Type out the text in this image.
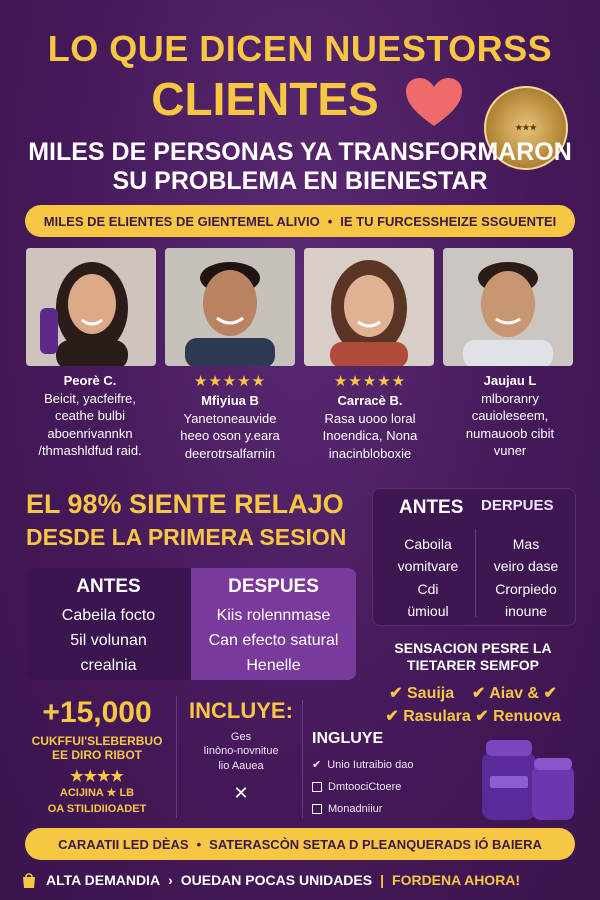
LO QUE DICEN NUESTORSS
CLIENTES
★★★
MILES DE PERSONAS YA TRANSFORMARON
SU PROBLEMA EN BIENESTAR
MILES DE ELIENTES DE GIENTEMEL ALIVIO • IE TU FURCESSHEIZE SSGUENTEI
Peorè C.
Beicit, yacfeifre,
ceathe bulbi
aboenrivannkn
/thmashldfud raid.
★★★★★
Mfiyiua B
Yanetoneauvide
heeo oson y.eara
deerotrsalfarnin
★★★★★
Carracè B.
Rasa uooo loral
Inoendica, Nona
inacinbloboxie
Jaujau L
mlboranry
cauioleseem,
numauoob cibit
vuner
EL 98% SIENTE RELAJO
DESDE LA PRIMERA SESION
ANTES DERPUES
Caboila
vomitvare
Cdi
ümioul
Mas
veiro dase
Crorpiedo
inoune
ANTES
Cabeila focto
5il volunan
crealnia
DESPUES
Kiis rolennmase
Can efecto satural
Henelle
SENSACION PESRE LA
TIETARER SEMFOP
✔ Sauija ✔ Aiav & ✔
✔ Rasulara ✔ Renuova
+15,000
CUKFFUI'SLEBERBUO EE DIRO RIBOT
★★★★
ACIJINA ★ LB
OA STILIDIIOADET
INCLUYE:
Ges
Iinòno-novnitue
lio Aauea
✕
INGLUYE
✔ Unio Iutraibio dao
DmtoociCtoere
Monadniiur
CARAATII LED DÈAS • SATERASCÒN SETAA D PLEANQUERADS IÓ BAIERA
ALTA DEMANDIA › OUEDAN POCAS UNIDADES | FORDENA AHORA!
